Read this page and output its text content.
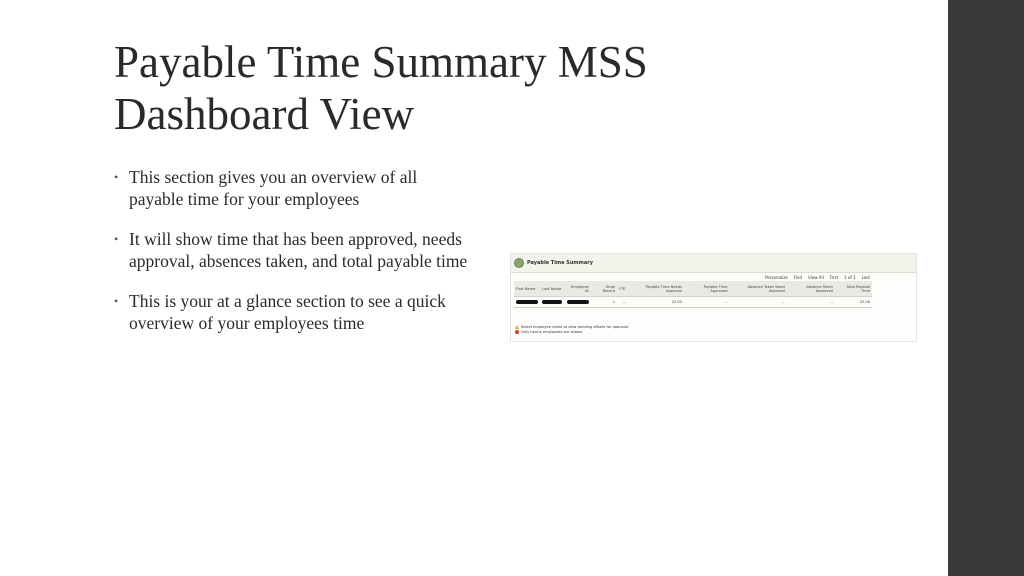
Payable Time Summary MSS Dashboard View
• This section gives you an overview of all payable time for your employees
• It will show time that has been approved, needs approval, absences taken, and total payable time
• This is your at a glance section to see a quick overview of your employees time
Payable Time Summary
Personalize Find View All First 1 of 1 Last
First Name	Last Name	Employee ID	Empl Record	FTE	Payable Time Needs Approval	Payable Time Approved	Absence Taken Need Approval	Absence Taken Approved	Total Payable Time
			1	--	22.00	--	--	--	22.00
Select employee name to view pending offsets for approval.
Only hourly employees are shown.
